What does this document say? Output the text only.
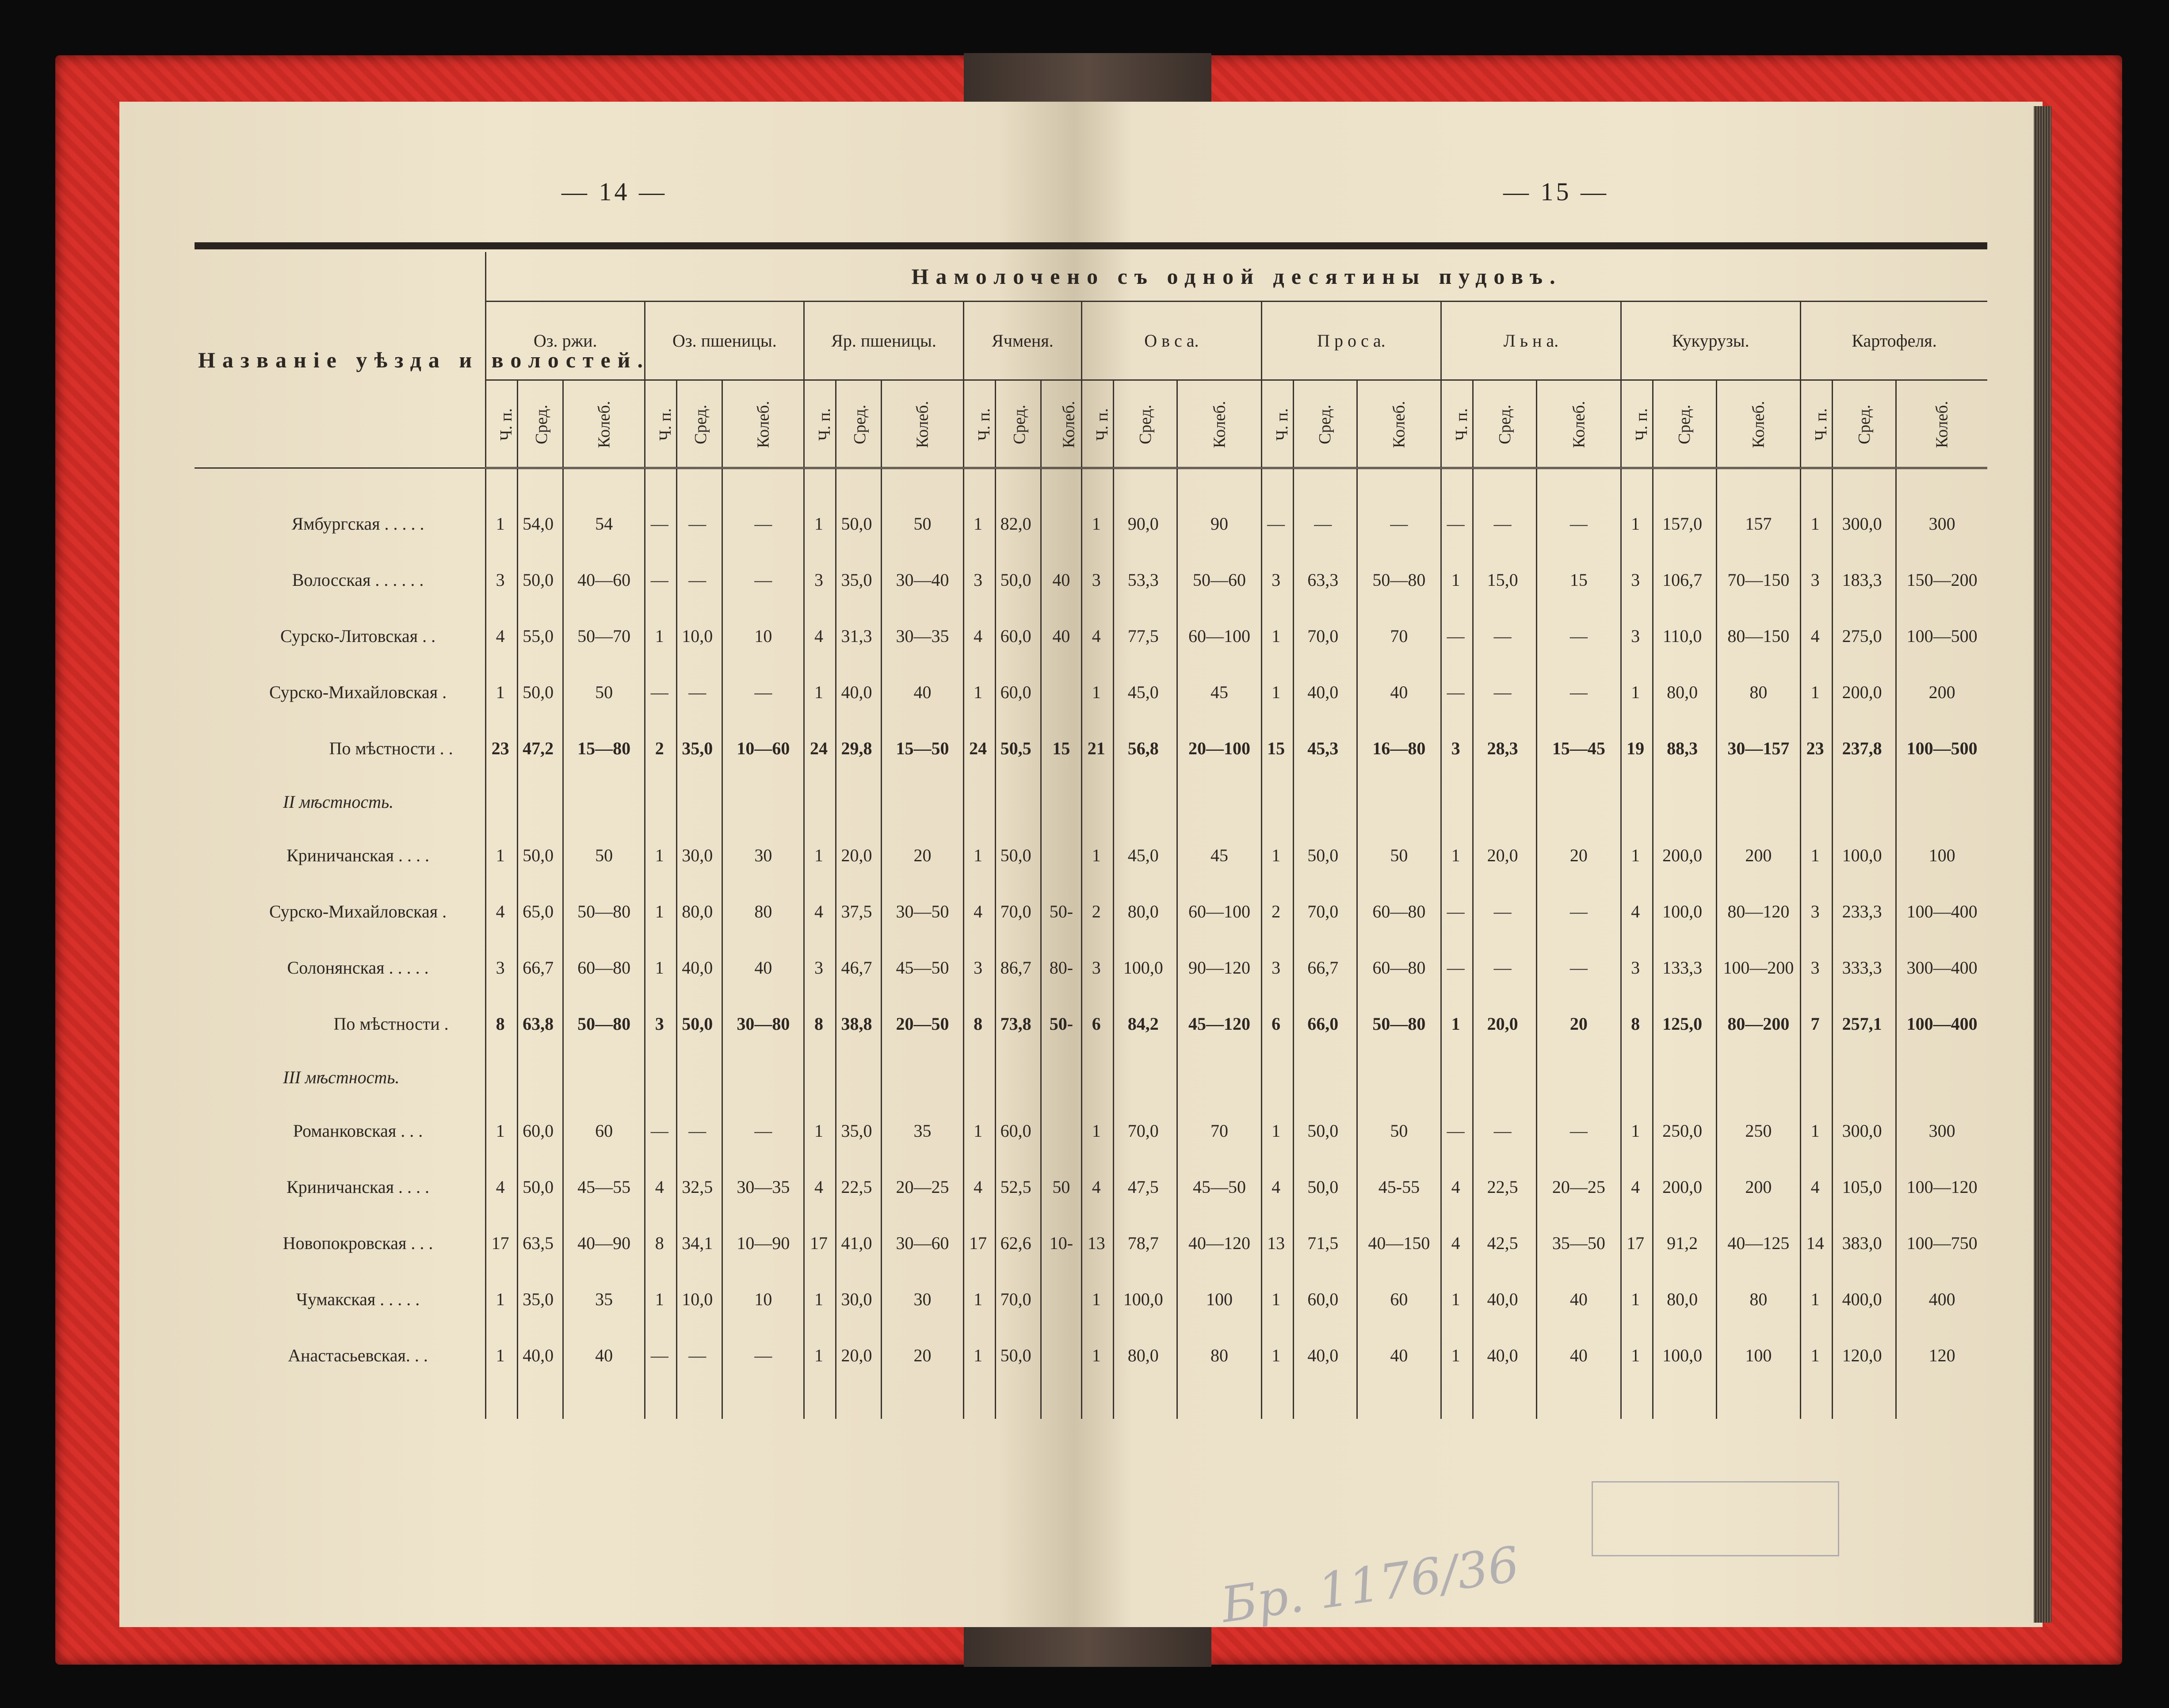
— 14 —	— 15 —
Названіе уѣзда и волостей.	Намолочено съ одной десятины пудовъ.																										
	Оз. ржи.			Оз. пшеницы.			Яр. пшеницы.			Ячменя.			О в с а.			П р о с а.			Л ь н а.			Кукурузы.			Картофеля.		
	Ч. п.	Сред.	Колеб.	Ч. п.	Сред.	Колеб.	Ч. п.	Сред.	Колеб.	Ч. п.	Сред.	Колеб.	Ч. п.	Сред.	Колеб.	Ч. п.	Сред.	Колеб.	Ч. п.	Сред.	Колеб.	Ч. п.	Сред.	Колеб.	Ч. п.	Сред.	Колеб.

Ямбургская . . . . .	1	54,0	54	—	—	—	1	50,0	50	1	82,0		1	90,0	90	—	—	—	—	—	—	1	157,0	157	1	300,0	300
Волосская . . . . . .	3	50,0	40—60	—	—	—	3	35,0	30—40	3	50,0	40	3	53,3	50—60	3	63,3	50—80	1	15,0	15	3	106,7	70—150	3	183,3	150—200
Сурско-Литовская . .	4	55,0	50—70	1	10,0	10	4	31,3	30—35	4	60,0	40	4	77,5	60—100	1	70,0	70	—	—	—	3	110,0	80—150	4	275,0	100—500
Сурско-Михайловская .	1	50,0	50	—	—	—	1	40,0	40	1	60,0		1	45,0	45	1	40,0	40	—	—	—	1	80,0	80	1	200,0	200
По мѣстности . .	23	47,2	15—80	2	35,0	10—60	24	29,8	15—50	24	50,5	15	21	56,8	20—100	15	45,3	16—80	3	28,3	15—45	19	88,3	30—157	23	237,8	100—500
II мѣстность.																											
Криничанская . . . .	1	50,0	50	1	30,0	30	1	20,0	20	1	50,0		1	45,0	45	1	50,0	50	1	20,0	20	1	200,0	200	1	100,0	100
Сурско-Михайловская .	4	65,0	50—80	1	80,0	80	4	37,5	30—50	4	70,0	50-	2	80,0	60—100	2	70,0	60—80	—	—	—	4	100,0	80—120	3	233,3	100—400
Солонянская . . . . .	3	66,7	60—80	1	40,0	40	3	46,7	45—50	3	86,7	80-	3	100,0	90—120	3	66,7	60—80	—	—	—	3	133,3	100—200	3	333,3	300—400
По мѣстности .	8	63,8	50—80	3	50,0	30—80	8	38,8	20—50	8	73,8	50-	6	84,2	45—120	6	66,0	50—80	1	20,0	20	8	125,0	80—200	7	257,1	100—400
III мѣстность.																											
Романковская . . .	1	60,0	60	—	—	—	1	35,0	35	1	60,0		1	70,0	70	1	50,0	50	—	—	—	1	250,0	250	1	300,0	300
Криничанская . . . .	4	50,0	45—55	4	32,5	30—35	4	22,5	20—25	4	52,5	50	4	47,5	45—50	4	50,0	45-55	4	22,5	20—25	4	200,0	200	4	105,0	100—120
Новопокровская . . .	17	63,5	40—90	8	34,1	10—90	17	41,0	30—60	17	62,6	10-	13	78,7	40—120	13	71,5	40—150	4	42,5	35—50	17	91,2	40—125	14	383,0	100—750
Чумакская . . . . .	1	35,0	35	1	10,0	10	1	30,0	30	1	70,0		1	100,0	100	1	60,0	60	1	40,0	40	1	80,0	80	1	400,0	400
Анастасьевская. . .	1	40,0	40	—	—	—	1	20,0	20	1	50,0		1	80,0	80	1	40,0	40	1	40,0	40	1	100,0	100	1	120,0	120

Бр. 1176/36
